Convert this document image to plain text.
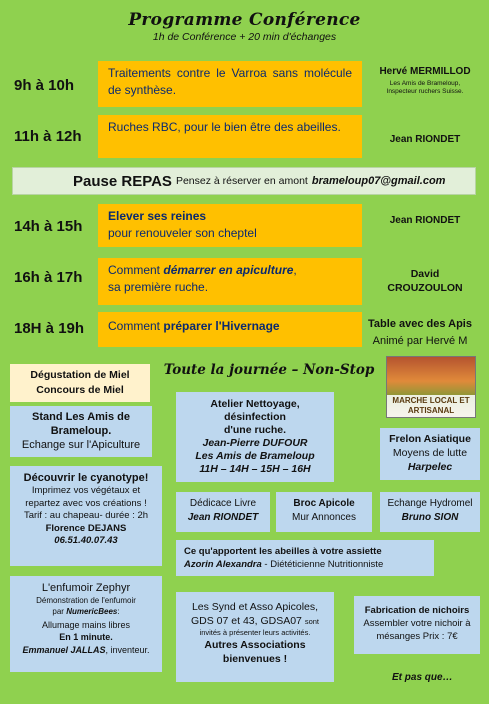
Programme Conférence
1h de Conférence + 20 min d'échanges
9h à 10h
Traitements contre le Varroa sans molécule de synthèse.
Hervé MERMILLOD
Les Amis de Brameloup, Inspecteur ruchers Suisse.
11h à 12h
Ruches RBC, pour le bien être des abeilles.
Jean RIONDET
Pause REPAS Pensez à réserver en amont brameloup07@gmail.com
14h à 15h
Elever ses reines
pour renouveler son cheptel
Jean RIONDET
16h à 17h	Comment démarrer en apiculture,
sa première ruche.
David
CROUZOULON
18H à 19h	Comment préparer l'Hivernage	Table avec des Apis
Animé par Hervé M
Dégustation de Miel
Concours de Miel
Toute la journée – Non-Stop
MARCHE LOCAL ET ARTISANAL
Stand Les Amis de
Brameloup.
Echange sur l'Apiculture
Atelier Nettoyage, désinfection
d'une ruche.
Jean-Pierre DUFOUR
Les Amis de Brameloup
11H – 14H – 15H – 16H
Frelon Asiatique
Moyens de lutte
Harpelec
Découvrir le cyanotype!
Imprimez vos végétaux et
repartez avec vos créations !
Tarif : au chapeau- durée : 2h
Florence DEJANS
06.51.40.07.43
Dédicace Livre
Jean RIONDET
Broc Apicole
Mur Annonces
Echange Hydromel
Bruno SION
Ce qu'apportent les abeilles à votre assiette
Azorin Alexandra - Diététicienne Nutritionniste
L'enfumoir Zephyr
Démonstration de l'enfumoir
par NumericBees:
Allumage mains libres
En 1 minute.
Emmanuel JALLAS, inventeur.
Les Synd et Asso Apicoles,
GDS 07 et 43, GDSA07 sont
invités à présenter leurs activités.
Autres Associations
bienvenues !
Fabrication de nichoirs
Assembler votre nichoir à
mésanges Prix : 7€
Et pas que…
